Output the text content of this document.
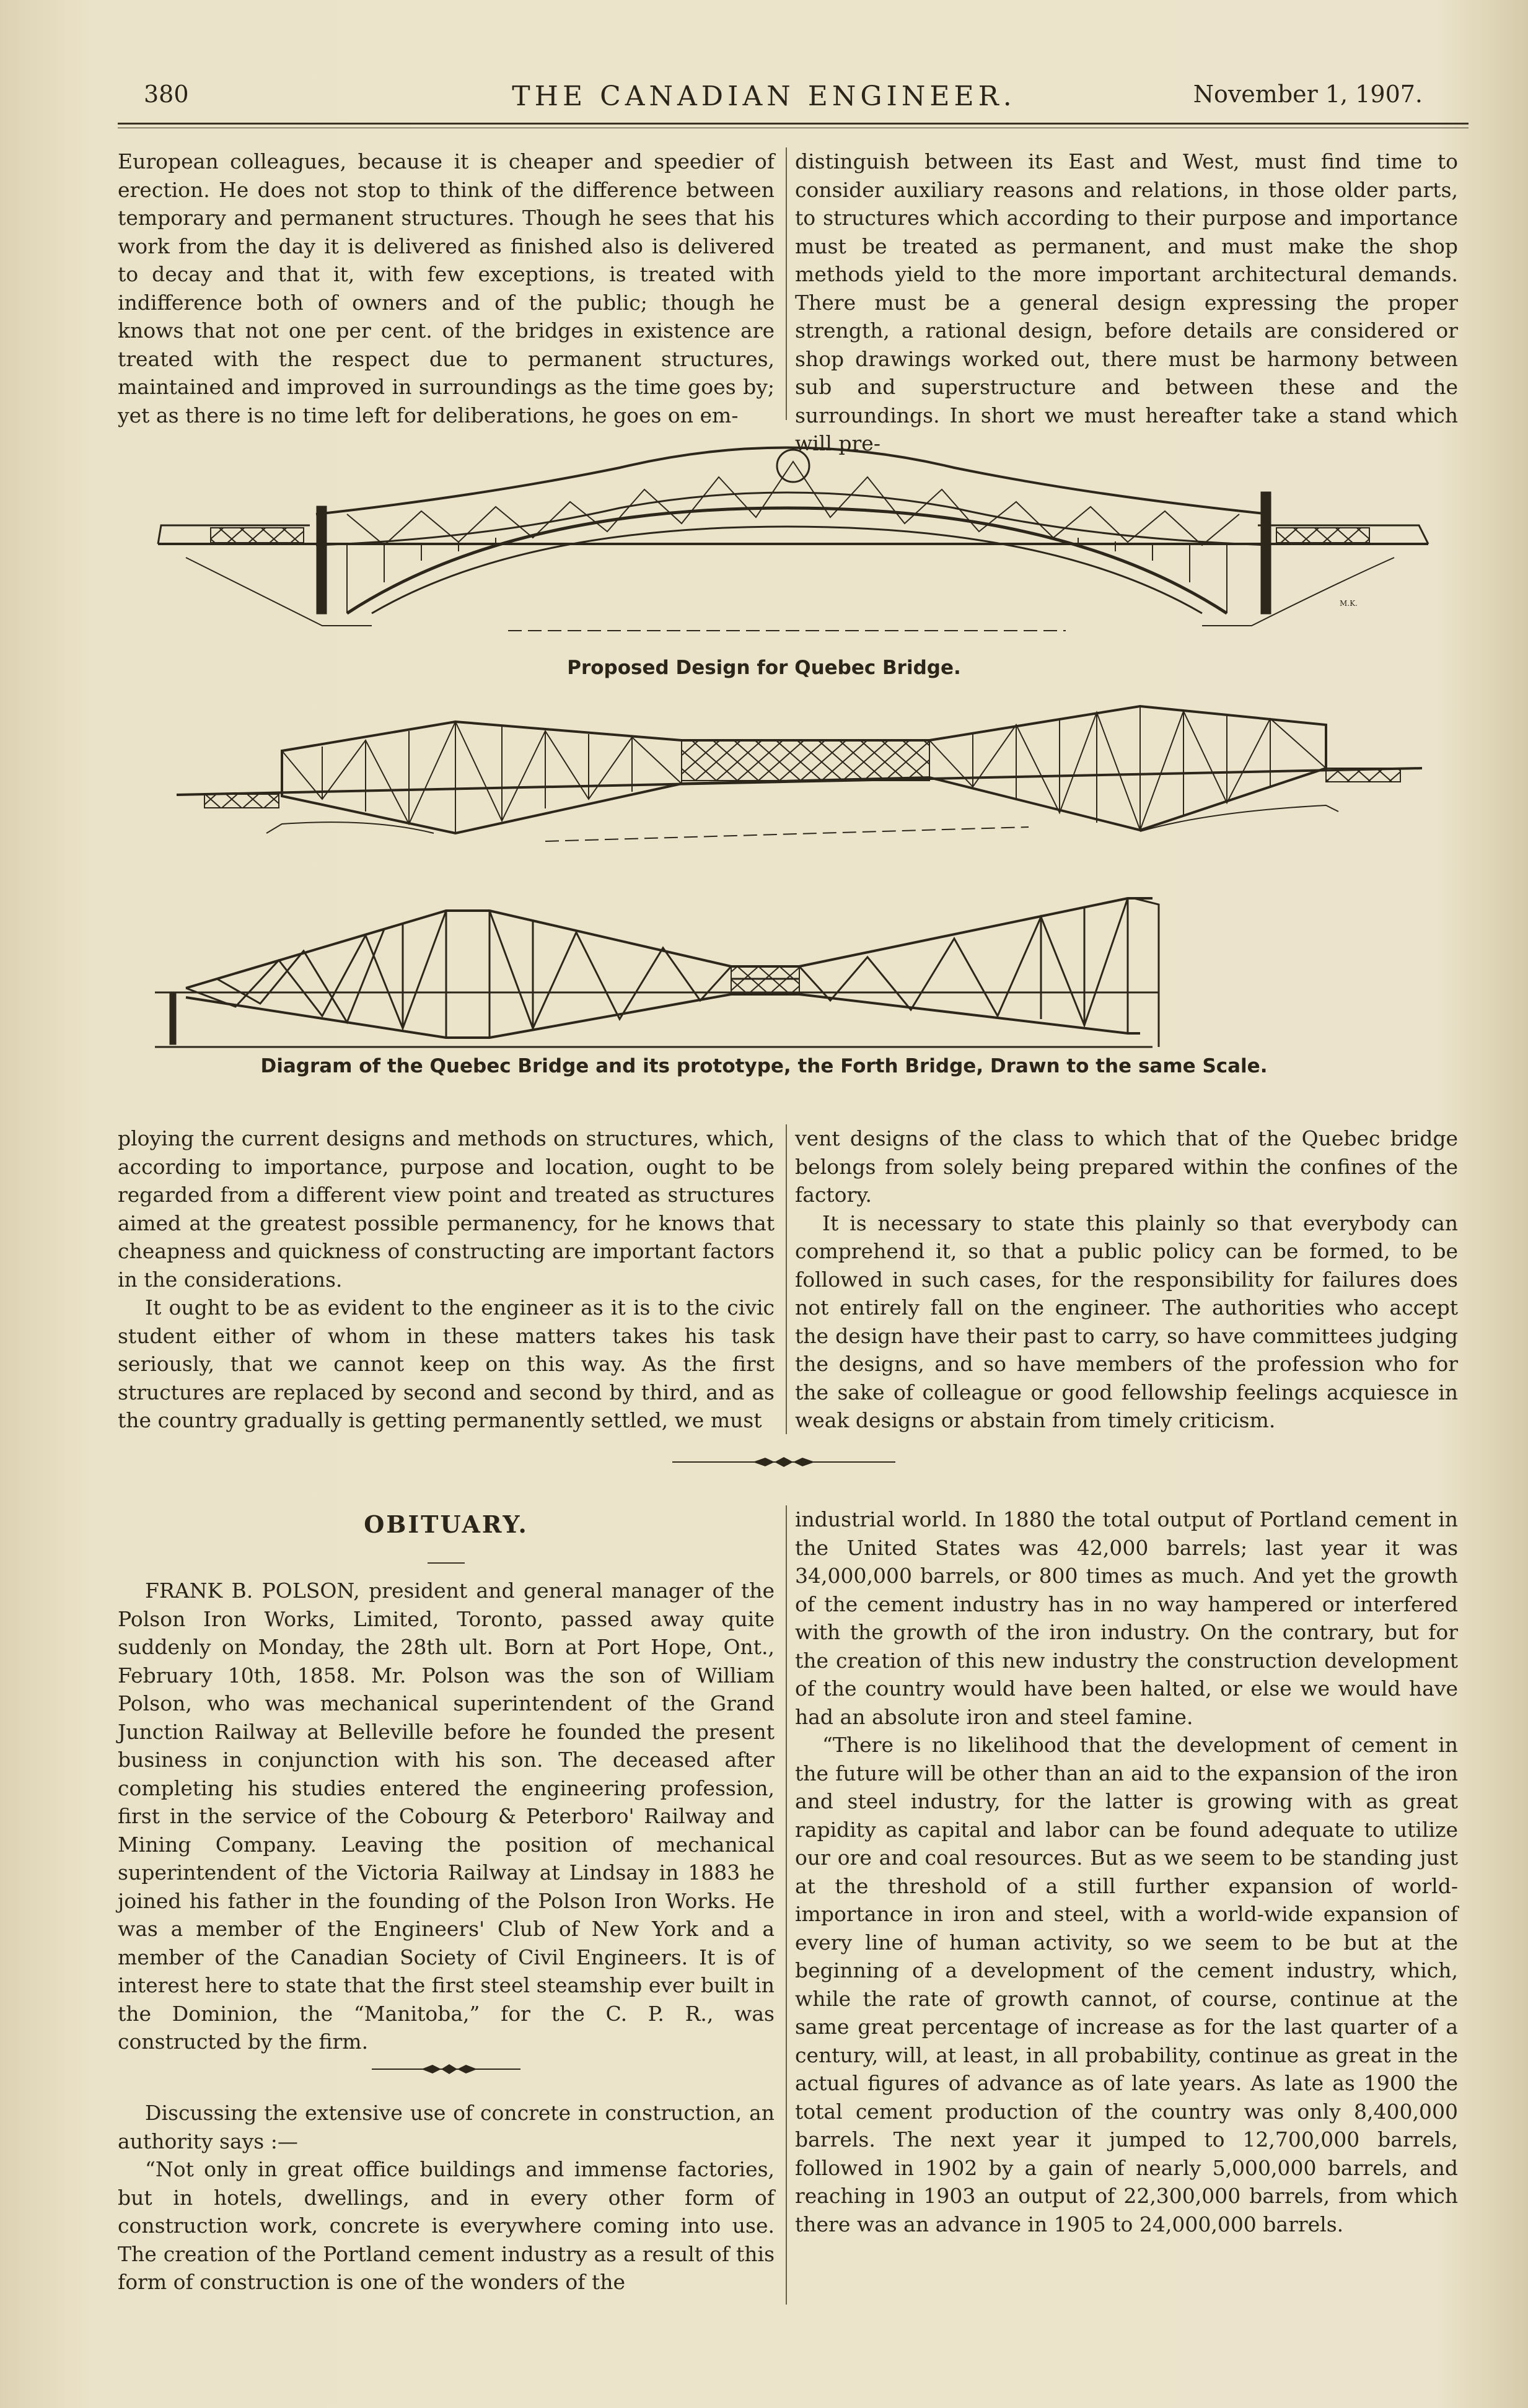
380	THE CANADIAN ENGINEER.	November 1, 1907.

European colleagues, because it is cheaper and speedier of erection. He does not stop to think of the difference between temporary and permanent structures. Though he sees that his work from the day it is delivered as finished also is delivered to decay and that it, with few exceptions, is treated with indifference both of owners and of the public; though he knows that not one per cent. of the bridges in existence are treated with the respect due to permanent structures, maintained and improved in surroundings as the time goes by; yet as there is no time left for deliberations, he goes on em-

distinguish between its East and West, must find time to consider auxiliary reasons and relations, in those older parts, to structures which according to their purpose and importance must be treated as permanent, and must make the shop methods yield to the more important architectural demands. There must be a general design expressing the proper strength, a rational design, before details are considered or shop drawings worked out, there must be harmony between sub and superstructure and between these and the surroundings. In short we must hereafter take a stand which will pre-

M.K.
Proposed Design for Quebec Bridge.
Diagram of the Quebec Bridge and its prototype, the Forth Bridge, Drawn to the same Scale.

ploying the current designs and methods on structures, which, according to importance, purpose and location, ought to be regarded from a different view point and treated as structures aimed at the greatest possible permanency, for he knows that cheapness and quickness of constructing are important factors in the considerations.

It ought to be as evident to the engineer as it is to the civic student either of whom in these matters takes his task seriously, that we cannot keep on this way. As the first structures are replaced by second and second by third, and as the country gradually is getting permanently settled, we must

vent designs of the class to which that of the Quebec bridge belongs from solely being prepared within the confines of the factory.

It is necessary to state this plainly so that everybody can comprehend it, so that a public policy can be formed, to be followed in such cases, for the responsibility for failures does not entirely fall on the engineer. The authorities who accept the design have their past to carry, so have committees judging the designs, and so have members of the profession who for the sake of colleague or good fellowship feelings acquiesce in weak designs or abstain from timely criticism.

OBITUARY.

FRANK B. POLSON, president and general manager of the Polson Iron Works, Limited, Toronto, passed away quite suddenly on Monday, the 28th ult. Born at Port Hope, Ont., February 10th, 1858. Mr. Polson was the son of William Polson, who was mechanical superintendent of the Grand Junction Railway at Belleville before he founded the present business in conjunction with his son. The deceased after completing his studies entered the engineering profession, first in the service of the Cobourg & Peterboro' Railway and Mining Company. Leaving the position of mechanical superintendent of the Victoria Railway at Lindsay in 1883 he joined his father in the founding of the Polson Iron Works. He was a member of the Engineers' Club of New York and a member of the Canadian Society of Civil Engineers. It is of interest here to state that the first steel steamship ever built in the Dominion, the “Manitoba,” for the C. P. R., was constructed by the firm.

Discussing the extensive use of concrete in construction, an authority says :—

“Not only in great office buildings and immense factories, but in hotels, dwellings, and in every other form of construction work, concrete is everywhere coming into use. The creation of the Portland cement industry as a result of this form of construction is one of the wonders of the

industrial world. In 1880 the total output of Portland cement in the United States was 42,000 barrels; last year it was 34,000,000 barrels, or 800 times as much. And yet the growth of the cement industry has in no way hampered or interfered with the growth of the iron industry. On the contrary, but for the creation of this new industry the construction development of the country would have been halted, or else we would have had an absolute iron and steel famine.

“There is no likelihood that the development of cement in the future will be other than an aid to the expansion of the iron and steel industry, for the latter is growing with as great rapidity as capital and labor can be found adequate to utilize our ore and coal resources. But as we seem to be standing just at the threshold of a still further expansion of world-importance in iron and steel, with a world-wide expansion of every line of human activity, so we seem to be but at the beginning of a development of the cement industry, which, while the rate of growth cannot, of course, continue at the same great percentage of increase as for the last quarter of a century, will, at least, in all probability, continue as great in the actual figures of advance as of late years. As late as 1900 the total cement production of the country was only 8,400,000 barrels. The next year it jumped to 12,700,000 barrels, followed in 1902 by a gain of nearly 5,000,000 barrels, and reaching in 1903 an output of 22,300,000 barrels, from which there was an advance in 1905 to 24,000,000 barrels.
